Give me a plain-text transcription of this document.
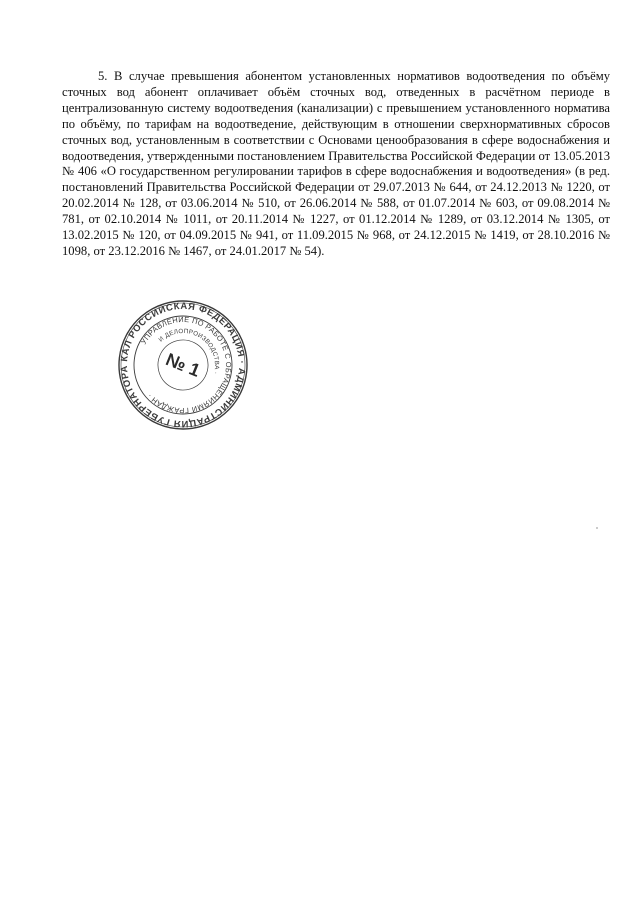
5. В случае превышения абонентом установленных нормативов водоотведения по объёму сточных вод абонент оплачивает объём сточных вод, отведенных в расчётном периоде в централизованную систему водоотведения (канализации) с превышением установленного норматива по объёму, по тарифам на водоотведение, действующим в отношении сверхнормативных сбросов сточных вод, установленным в соответствии с Основами ценообразования в сфере водоснабжения и водоотведения, утвержденными постановлением Правительства Российской Федерации от 13.05.2013 № 406 «О государственном регулировании тарифов в сфере водоснабжения и водоотведения» (в ред. постановлений Правительства Российской Федерации от 29.07.2013 № 644, от 24.12.2013 № 1220, от 20.02.2014 № 128, от 03.06.2014 № 510, от 26.06.2014 № 588, от 01.07.2014 № 603, от 09.08.2014 № 781, от 02.10.2014 № 1011, от 20.11.2014 № 1227, от 01.12.2014 № 1289, от 03.12.2014 № 1305, от 13.02.2015 № 120, от 04.09.2015 № 941, от 11.09.2015 № 968, от 24.12.2015 № 1419, от 28.10.2016 № 1098, от 23.12.2016 № 1467, от 24.01.2017 № 54).

РОССИЙСКАЯ ФЕДЕРАЦИЯ · АДМИНИСТРАЦИЯ ГУБЕРНАТОРА КАЛУЖСКОЙ
УПРАВЛЕНИЕ ПО РАБОТЕ С ОБРАЩЕНИЯМИ ГРАЖДАН ·
И ДЕЛОПРОИЗВОДСТВА ·
№ 1
